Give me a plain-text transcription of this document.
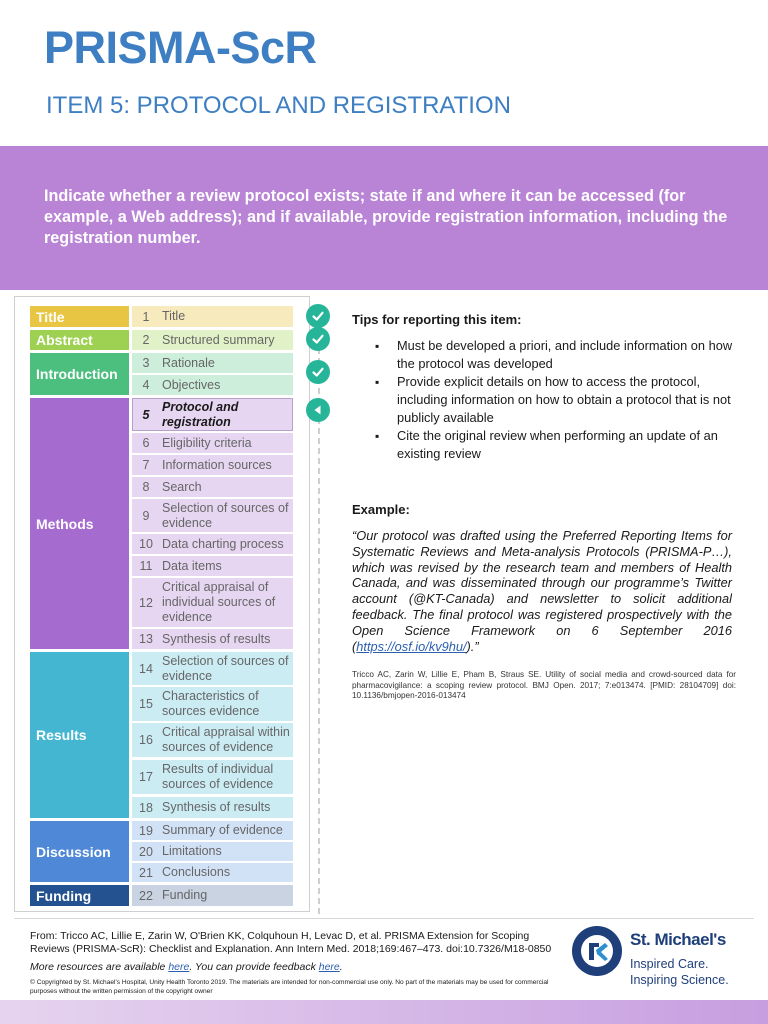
PRISMA-ScR
ITEM 5: PROTOCOL AND REGISTRATION
Indicate whether a review protocol exists; state if and where it can be accessed (for example, a Web address); and if available, provide registration information, including the registration number.
Title
Abstract
Introduction
Methods
Results
Discussion
Funding
1	Title
2	Structured summary
3	Rationale
4	Objectives
5
Protocol and registration
6	Eligibility criteria
7	Information sources
8	Search
9
Selection of sources of evidence
10 Data charting process
11 Data items
12
Critical appraisal of individual sources of evidence
13 Synthesis of results
14
Selection of sources of evidence
15
Characteristics of sources evidence
16
Critical appraisal within sources of evidence
17
Results of individual sources of evidence
18 Synthesis of results
19 Summary of evidence
20 Limitations
21 Conclusions
22 Funding
Tips for reporting this item:
▪ Must be developed a priori, and include information on how the protocol was developed
▪ Provide explicit details on how to access the protocol, including information on how to obtain a protocol that is not publicly available
▪ Cite the original review when performing an update of an existing review
Example:
“Our protocol was drafted using the Preferred Reporting Items for Systematic Reviews and Meta-analysis Protocols (PRISMA-P…), which was revised by the research team and members of Health Canada, and was disseminated through our programme’s Twitter account (@KT-Canada) and newsletter to solicit additional feedback. The final protocol was registered prospectively with the Open Science Framework on 6 September 2016 (https://osf.io/kv9hu/).”
Tricco AC, Zarin W, Lillie E, Pham B, Straus SE. Utility of social media and crowd-sourced data for pharmacovigilance: a scoping review protocol. BMJ Open. 2017; 7:e013474. [PMID: 28104709] doi: 10.1136/bmjopen-2016-013474
From: Tricco AC, Lillie E, Zarin W, O'Brien KK, Colquhoun H, Levac D, et al. PRISMA Extension for Scoping Reviews (PRISMA-ScR): Checklist and Explanation. Ann Intern Med. 2018;169:467–473. doi:10.7326/M18-0850
More resources are available here. You can provide feedback here.
© Copyrighted by St. Michael's Hospital, Unity Health Toronto 2019. The materials are intended for non-commercial use only. No part of the materials may be used for commercial purposes without the written permission of the copyright owner
St. Michael's
Inspired Care.
Inspiring Science.
